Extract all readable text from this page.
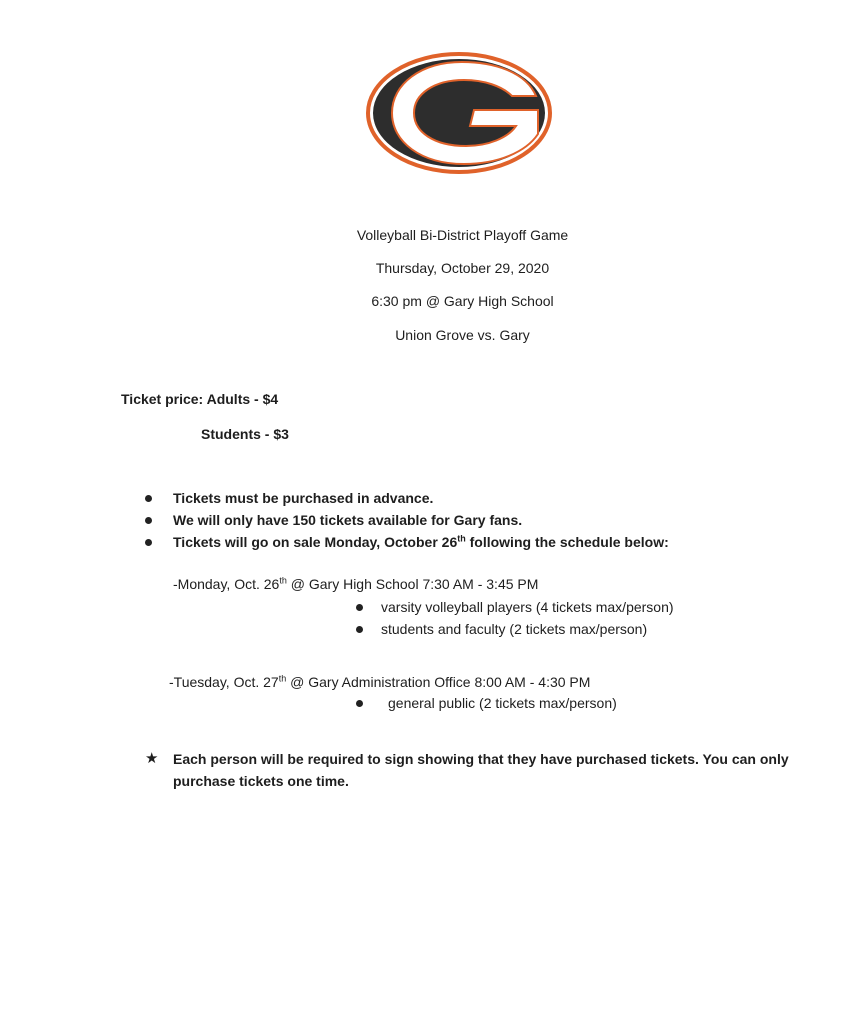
Volleyball Bi-District Playoff Game
Thursday, October 29, 2020
6:30 pm @ Gary High School
Union Grove vs. Gary
Ticket price: Adults - $4
Students - $3
Tickets must be purchased in advance.
We will only have 150 tickets available for Gary fans.
Tickets will go on sale Monday, October 26th following the schedule below:
-Monday, Oct. 26th @ Gary High School 7:30 AM - 3:45 PM
varsity volleyball players (4 tickets max/person)
students and faculty (2 tickets max/person)
-Tuesday, Oct. 27th @ Gary Administration Office 8:00 AM - 4:30 PM
general public (2 tickets max/person)
★ Each person will be required to sign showing that they have purchased tickets. You can only purchase tickets one time.
